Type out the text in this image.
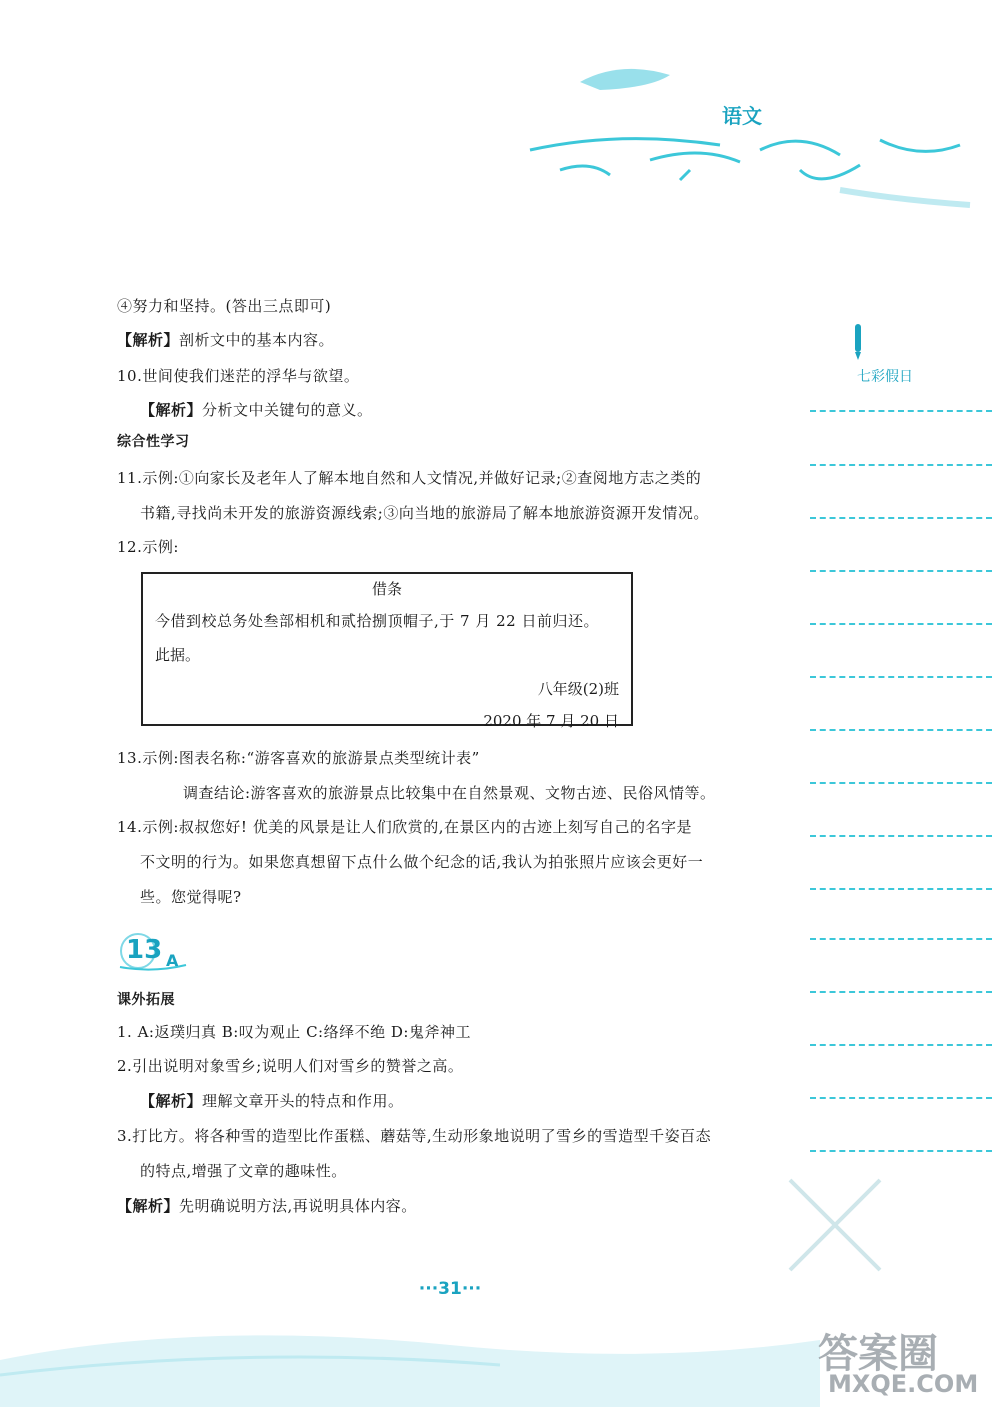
语文
七彩假日
④努力和坚持。(答出三点即可)
【解析】剖析文中的基本内容。
10.世间使我们迷茫的浮华与欲望。
【解析】分析文中关键句的意义。
综合性学习
11.示例:①向家长及老年人了解本地自然和人文情况,并做好记录;②查阅地方志之类的
书籍,寻找尚未开发的旅游资源线索;③向当地的旅游局了解本地旅游资源开发情况。
12.示例:
借条
今借到校总务处叁部相机和贰拾捌顶帽子,于 7 月 22 日前归还。
此据。
八年级(2)班
2020 年 7 月 20 日
13.示例:图表名称:“游客喜欢的旅游景点类型统计表”
调查结论:游客喜欢的旅游景点比较集中在自然景观、文物古迹、民俗风情等。
14.示例:叔叔您好! 优美的风景是让人们欣赏的,在景区内的古迹上刻写自己的名字是
不文明的行为。如果您真想留下点什么做个纪念的话,我认为拍张照片应该会更好一
些。您觉得呢?
13 A
课外拓展
1. A:返璞归真 B:叹为观止 C:络绎不绝 D:鬼斧神工
2.引出说明对象雪乡;说明人们对雪乡的赞誉之高。
【解析】理解文章开头的特点和作用。
3.打比方。将各种雪的造型比作蛋糕、蘑菇等,生动形象地说明了雪乡的雪造型千姿百态
的特点,增强了文章的趣味性。
【解析】先明确说明方法,再说明具体内容。
···31···
答案圈
MXQE.COM
